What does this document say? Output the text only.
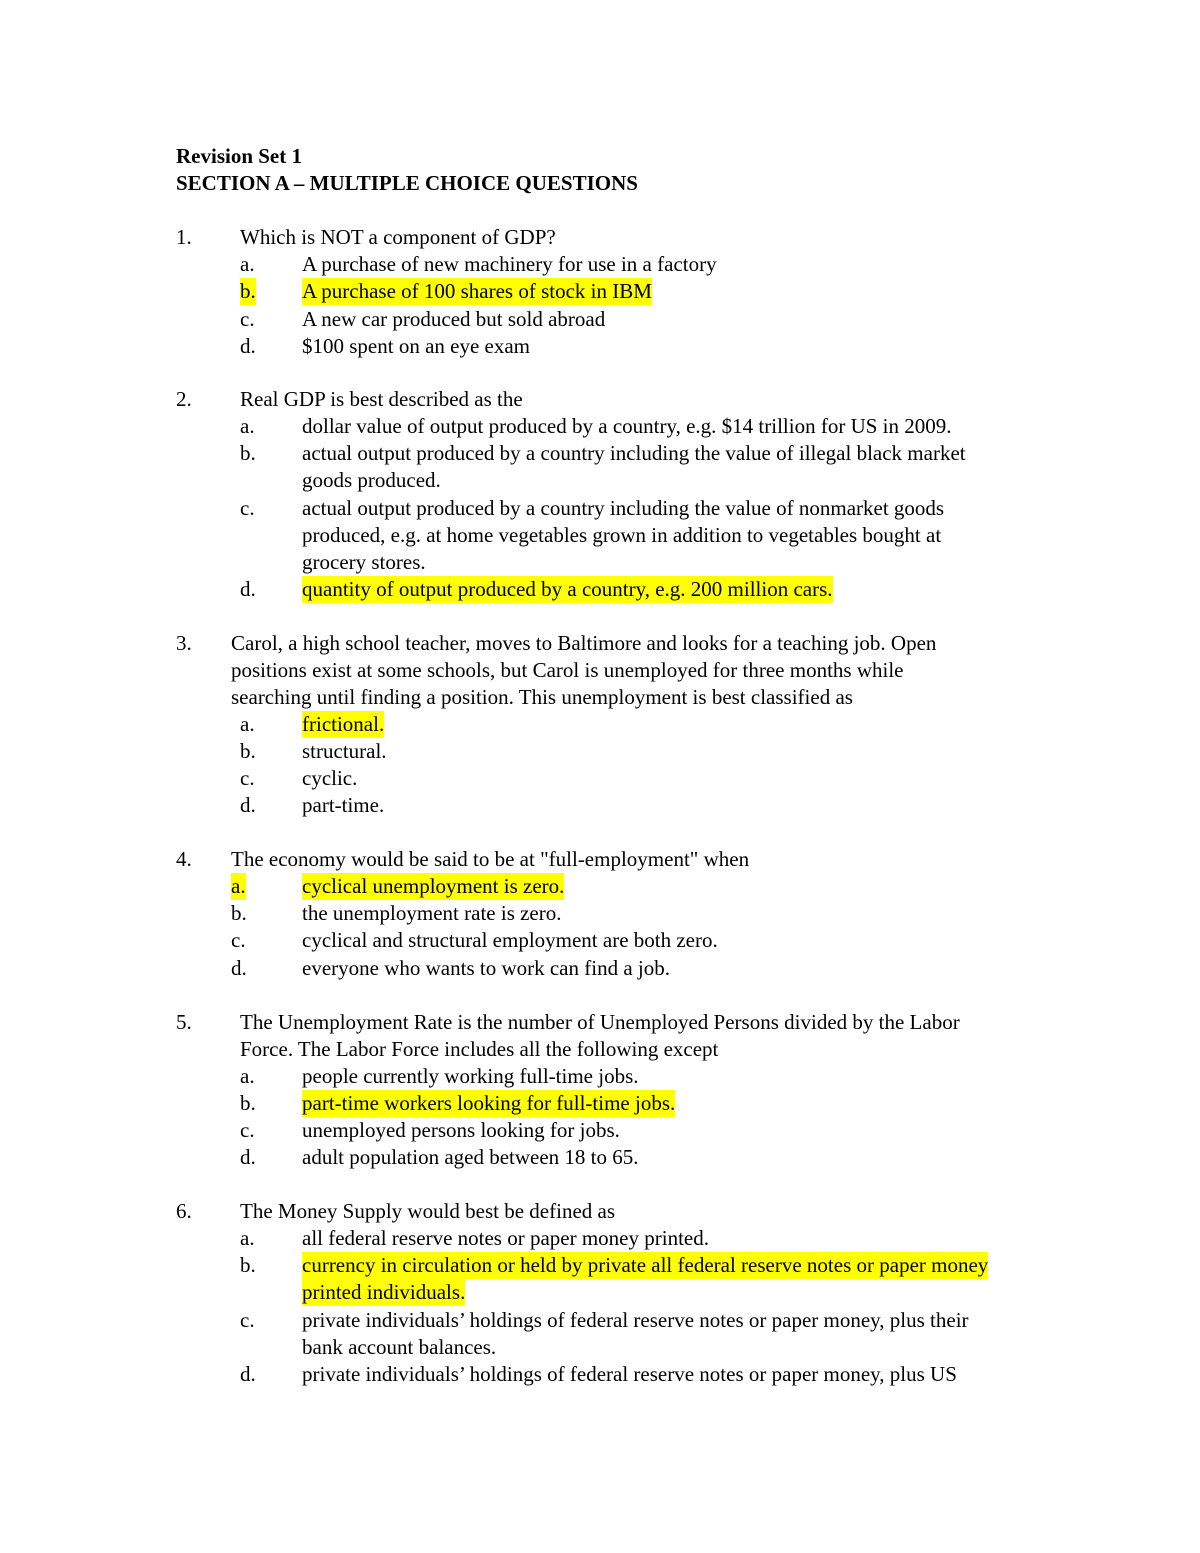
Revision Set 1
SECTION A – MULTIPLE CHOICE QUESTIONS
1. Which is NOT a component of GDP?
a. A purchase of new machinery for use in a factory
b. A purchase of 100 shares of stock in IBM
c. A new car produced but sold abroad
d. $100 spent on an eye exam
2. Real GDP is best described as the
a. dollar value of output produced by a country, e.g. $14 trillion for US in 2009.
b. actual output produced by a country including the value of illegal black market
goods produced.
c. actual output produced by a country including the value of nonmarket goods
produced, e.g. at home vegetables grown in addition to vegetables bought at
grocery stores.
d. quantity of output produced by a country, e.g. 200 million cars.
3. Carol, a high school teacher, moves to Baltimore and looks for a teaching job. Open
positions exist at some schools, but Carol is unemployed for three months while
searching until finding a position. This unemployment is best classified as
a. frictional.
b. structural.
c. cyclic.
d. part-time.
4. The economy would be said to be at "full-employment" when
a.	cyclical unemployment is zero.
b.	the unemployment rate is zero.
c.	cyclical and structural employment are both zero.
d.	everyone who wants to work can find a job.
5. The Unemployment Rate is the number of Unemployed Persons divided by the Labor
Force. The Labor Force includes all the following except
a. people currently working full-time jobs.
b. part-time workers looking for full-time jobs.
c. unemployed persons looking for jobs.
d. adult population aged between 18 to 65.
6. The Money Supply would best be defined as
a. all federal reserve notes or paper money printed.
b. currency in circulation or held by private all federal reserve notes or paper money
printed individuals.
c. private individuals’ holdings of federal reserve notes or paper money, plus their
bank account balances.
d. private individuals’ holdings of federal reserve notes or paper money, plus US
